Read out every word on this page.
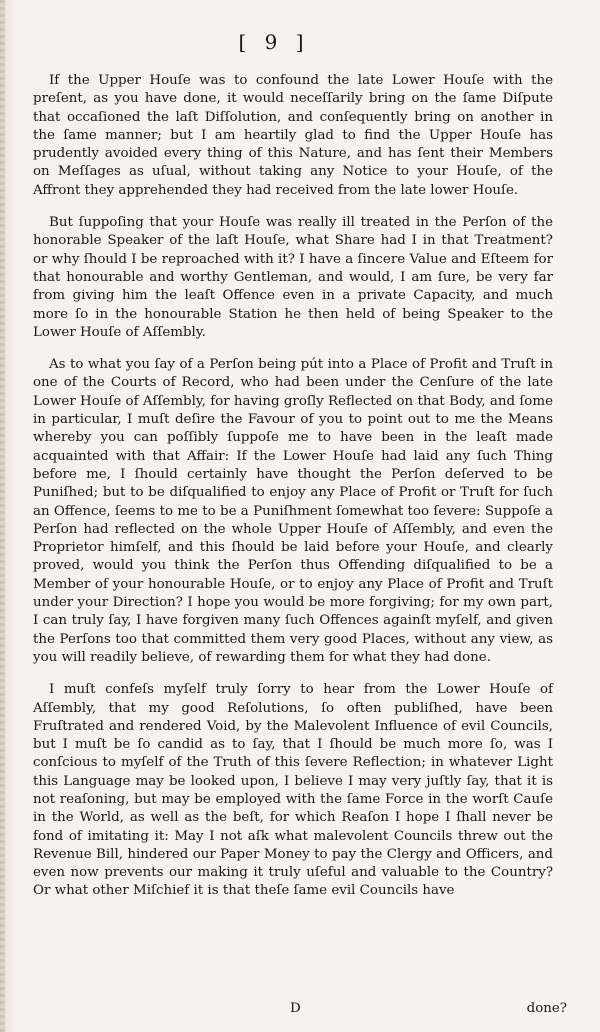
[ 9 ]

If the Upper Houſe was to confound the late Lower Houſe with the preſent, as you have done, it would neceſſarily bring on the ſame Diſpute that occaſioned the laſt Diſſolution, and conſequently bring on another in the ſame manner; but I am heartily glad to find the Upper Houſe has prudently avoided every thing of this Nature, and has ſent their Members on Meſſages as uſual, without taking any Notice to your Houſe, of the Affront they apprehended they had received from the late lower Houſe.

But ſuppoſing that your Houſe was really ill treated in the Perſon of the honorable Speaker of the laſt Houſe, what Share had I in that Treatment? or why ſhould I be reproached with it? I have a ſincere Value and Eſteem for that honourable and worthy Gentleman, and would, I am ſure, be very far from giving him the leaſt Offence even in a private Capacity, and much more ſo in the honourable Station he then held of being Speaker to the Lower Houſe of Aſſembly.

As to what you ſay of a Perſon being pút into a Place of Profit and Truſt in one of the Courts of Record, who had been under the Cenſure of the late Lower Houſe of Aſſembly, for having groſly Reflected on that Body, and ſome in particular, I muſt deſire the Favour of you to point out to me the Means whereby you can poſſibly ſuppoſe me to have been in the leaſt made acquainted with that Affair: If the Lower Houſe had laid any ſuch Thing before me, I ſhould certainly have thought the Perſon deſerved to be Puniſhed; but to be diſqualified to enjoy any Place of Profit or Truſt for ſuch an Offence, ſeems to me to be a Puniſhment ſomewhat too ſevere: Suppoſe a Perſon had reflected on the whole Upper Houſe of Aſſembly, and even the Proprietor himſelf, and this ſhould be laid before your Houſe, and clearly proved, would you think the Perſon thus Offending diſqualified to be a Member of your honourable Houſe, or to enjoy any Place of Profit and Truſt under your Direction? I hope you would be more forgiving; for my own part, I can truly ſay, I have forgiven many ſuch Offences againſt myſelf, and given the Perſons too that committed them very good Places, without any view, as you will readily believe, of rewarding them for what they had done.

I muſt confeſs myſelf truly ſorry to hear from the Lower Houſe of Aſſembly, that my good Reſolutions, ſo often publiſhed, have been Fruſtrated and rendered Void, by the Malevolent Influence of evil Councils, but I muſt be ſo candid as to ſay, that I ſhould be much more ſo, was I conſcious to myſelf of the Truth of this ſevere Reflection; in whatever Light this Language may be looked upon, I believe I may very juſtly ſay, that it is not reaſoning, but may be employed with the ſame Force in the worſt Cauſe in the World, as well as the beſt, for which Reaſon I hope I ſhall never be fond of imitating it: May I not aſk what malevolent Councils threw out the Revenue Bill, hindered our Paper Money to pay the Clergy and Officers, and even now prevents our making it truly uſeful and valuable to the Country? Or what other Miſchief it is that theſe ſame evil Councils have

D	done?
